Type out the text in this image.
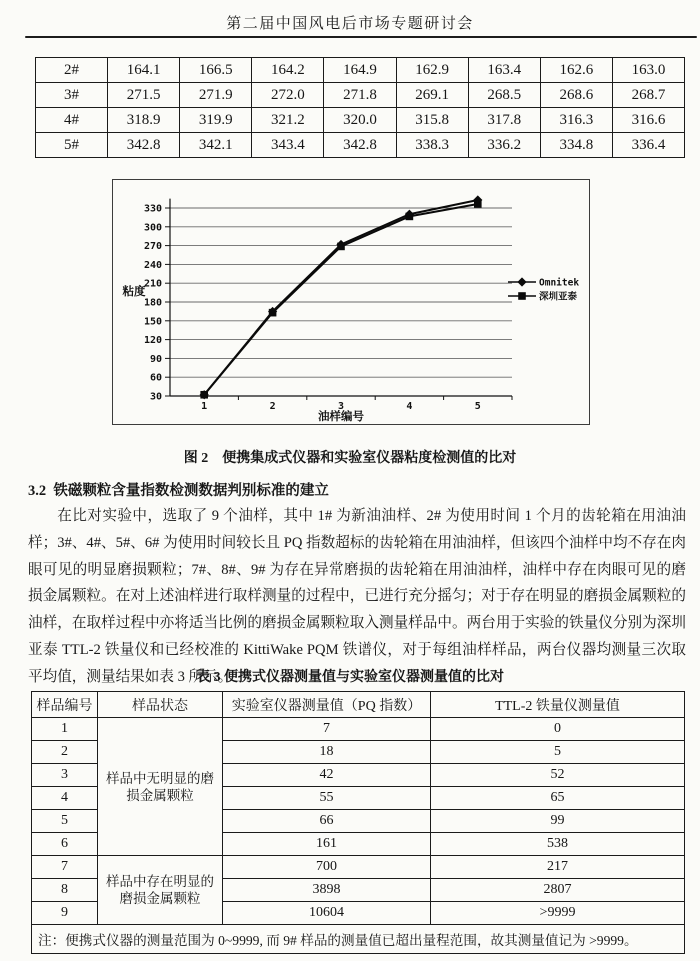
第二届中国风电后市场专题研讨会
2#	164.1	166.5	164.2	164.9	162.9	163.4	162.6	163.0
3#	271.5	271.9	272.0	271.8	269.1	268.5	268.6	268.7
4#	318.9	319.9	321.2	320.0	315.8	317.8	316.3	316.6
5#	342.8	342.1	343.4	342.8	338.3	336.2	334.8	336.4
30
60
90
120
150
180
210
240
270
300
330
1	2	3	4	5
Omnitek
深圳亚泰
粘度
油样编号
图 2　便携集成式仪器和实验室仪器粘度检测值的比对
3.2 铁磁颗粒含量指数检测数据判别标准的建立
在比对实验中，选取了 9 个油样，其中 1# 为新油油样、2# 为使用时间 1 个月的齿轮箱在用油油样；3#、4#、5#、6# 为使用时间较长且 PQ 指数超标的齿轮箱在用油油样，但该四个油样中均不存在肉眼可见的明显磨损颗粒；7#、8#、9# 为存在异常磨损的齿轮箱在用油油样，油样中存在肉眼可见的磨损金属颗粒。在对上述油样进行取样测量的过程中，已进行充分摇匀；对于存在明显的磨损金属颗粒的油样，在取样过程中亦将适当比例的磨损金属颗粒取入测量样品中。两台用于实验的铁量仪分别为深圳亚泰 TTL-2 铁量仪和已经校准的 KittiWake PQM 铁谱仪，对于每组油样样品，两台仪器均测量三次取平均值，测量结果如表 3 所示。
表 3 便携式仪器测量值与实验室仪器测量值的比对
样品编号	样品状态	实验室仪器测量值（PQ 指数）	TTL-2 铁量仪测量值
1	样品中无明显的磨损金属颗粒	7	0
2		18	5
3		42	52
4		55	65
5		66	99
6		161	538
7	样品中存在明显的磨损金属颗粒	700	217
8		3898	2807
9		10604	>9999
注：便携式仪器的测量范围为 0~9999, 而 9# 样品的测量值已超出量程范围，故其测量值记为 >9999。			
